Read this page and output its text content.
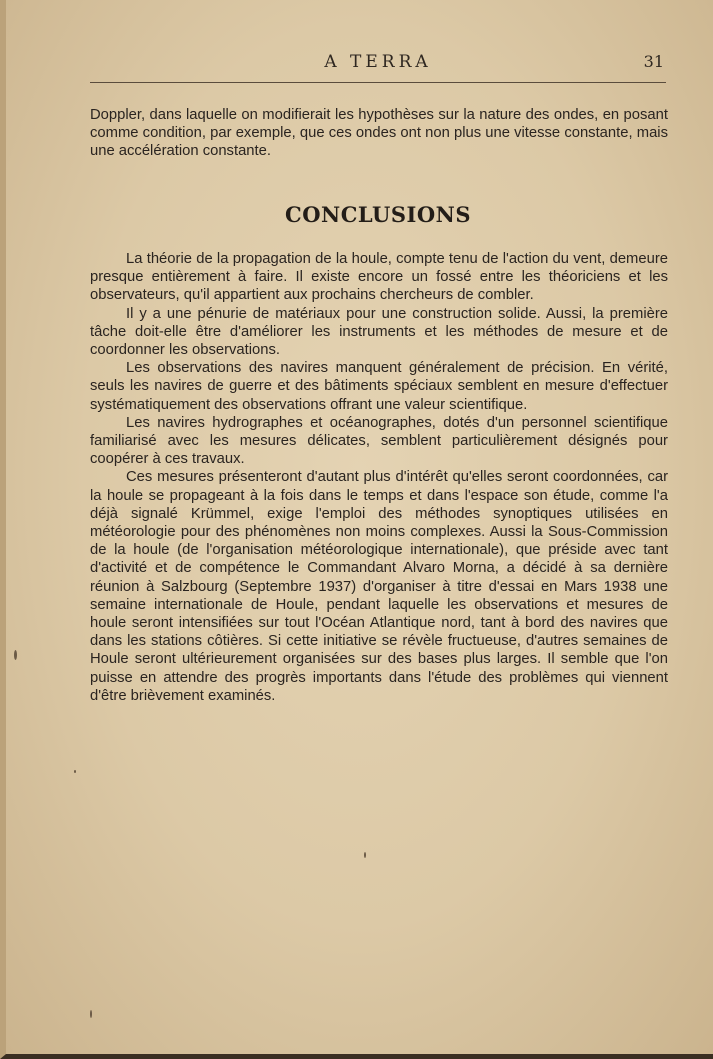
A TERRA	31

Doppler, dans laquelle on modifierait les hypothèses sur la nature des ondes, en posant comme condition, par exemple, que ces ondes ont non plus une vitesse constante, mais une accélération constante.

CONCLUSIONS

La théorie de la propagation de la houle, compte tenu de l'action du vent, demeure presque entièrement à faire. Il existe encore un fossé entre les théoriciens et les observateurs, qu'il appartient aux prochains chercheurs de combler.

Il y a une pénurie de matériaux pour une construction solide. Aussi, la première tâche doit-elle être d'améliorer les instruments et les méthodes de mesure et de coordonner les observations.

Les observations des navires manquent généralement de précision. En vérité, seuls les navires de guerre et des bâtiments spéciaux semblent en mesure d'effectuer systématiquement des observations offrant une valeur scientifique.

Les navires hydrographes et océanographes, dotés d'un personnel scientifique familiarisé avec les mesures délicates, semblent particulièrement désignés pour coopérer à ces travaux.

Ces mesures présenteront d'autant plus d'intérêt qu'elles seront coordonnées, car la houle se propageant à la fois dans le temps et dans l'espace son étude, comme l'a déjà signalé Krümmel, exige l'emploi des méthodes synoptiques utilisées en météorologie pour des phénomènes non moins complexes. Aussi la Sous-Commission de la houle (de l'organisation météorologique internationale), que préside avec tant d'activité et de compétence le Commandant Alvaro Morna, a décidé à sa dernière réunion à Salzbourg (Septembre 1937) d'organiser à titre d'essai en Mars 1938 une semaine internationale de Houle, pendant laquelle les observations et mesures de houle seront intensifiées sur tout l'Océan Atlantique nord, tant à bord des navires que dans les stations côtières. Si cette initiative se révèle fructueuse, d'autres semaines de Houle seront ultérieurement organisées sur des bases plus larges. Il semble que l'on puisse en attendre des progrès importants dans l'étude des problèmes qui viennent d'être brièvement examinés.
